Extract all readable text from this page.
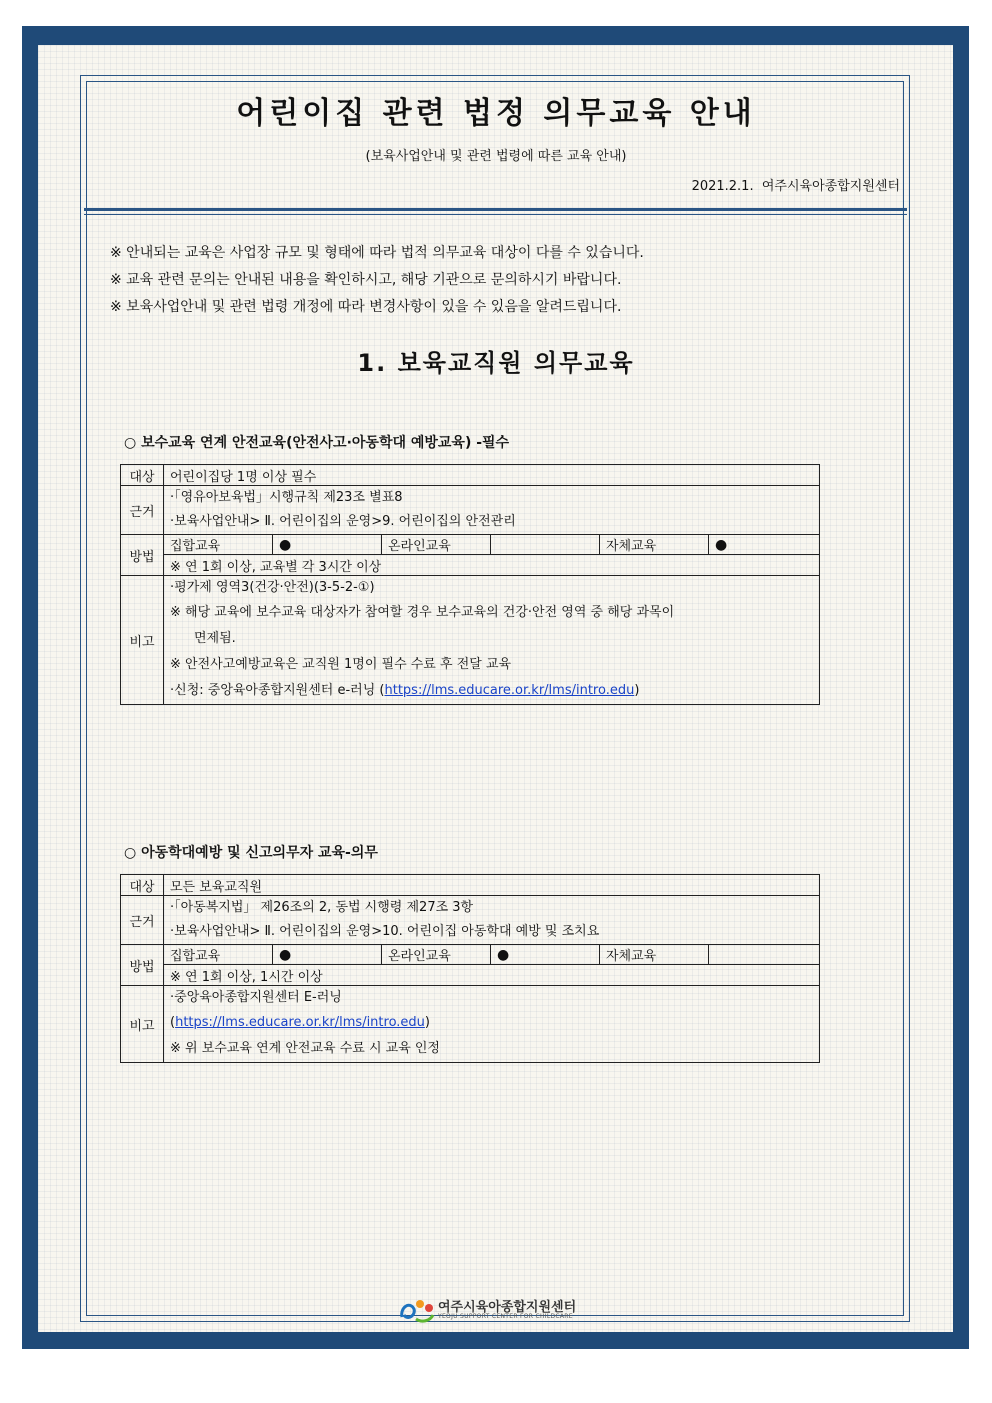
어린이집 관련 법정 의무교육 안내
(보육사업안내 및 관련 법령에 따른 교육 안내)
2021.2.1. 여주시육아종합지원센터
※ 안내되는 교육은 사업장 규모 및 형태에 따라 법적 의무교육 대상이 다를 수 있습니다.
※ 교육 관련 문의는 안내된 내용을 확인하시고, 해당 기관으로 문의하시기 바랍니다.
※ 보육사업안내 및 관련 법령 개정에 따라 변경사항이 있을 수 있음을 알려드립니다.
1. 보육교직원 의무교육
○ 보수교육 연계 안전교육(안전사고·아동학대 예방교육) -필수
대상	어린이집당 1명 이상 필수					
근거	·「영유아보육법」시행규칙 제23조 별표8
·보육사업안내> Ⅱ. 어린이집의 운영>9. 어린이집의 안전관리					

방법	집합교육	●	온라인교육		자체교육	●
	※ 연 1회 이상, 교육별 각 3시간 이상					
비고	·평가제 영역3(건강·안전)(3-5-2-①)
※ 해당 교육에 보수교육 대상자가 참여할 경우 보수교육의 건강·안전 영역 중 해당 과목이
면제됨.
※ 안전사고예방교육은 교직원 1명이 필수 수료 후 전달 교육
·신청: 중앙육아종합지원센터 e-러닝 (https://lms.educare.or.kr/lms/intro.edu)					
○ 아동학대예방 및 신고의무자 교육-의무
대상	모든 보육교직원					
근거	·「아동복지법」 제26조의 2, 동법 시행령 제27조 3항
·보육사업안내> Ⅱ. 어린이집의 운영>10. 어린이집 아동학대 예방 및 조치요					

방법	집합교육	●	온라인교육	●	자체교육	
	※ 연 1회 이상, 1시간 이상					
비고	·중앙육아종합지원센터 E-러닝
(https://lms.educare.or.kr/lms/intro.edu)
※ 위 보수교육 연계 안전교육 수료 시 교육 인정					
여주시육아종합지원센터
YEOJU SUPPORT CENTER FOR CHILDCARE
